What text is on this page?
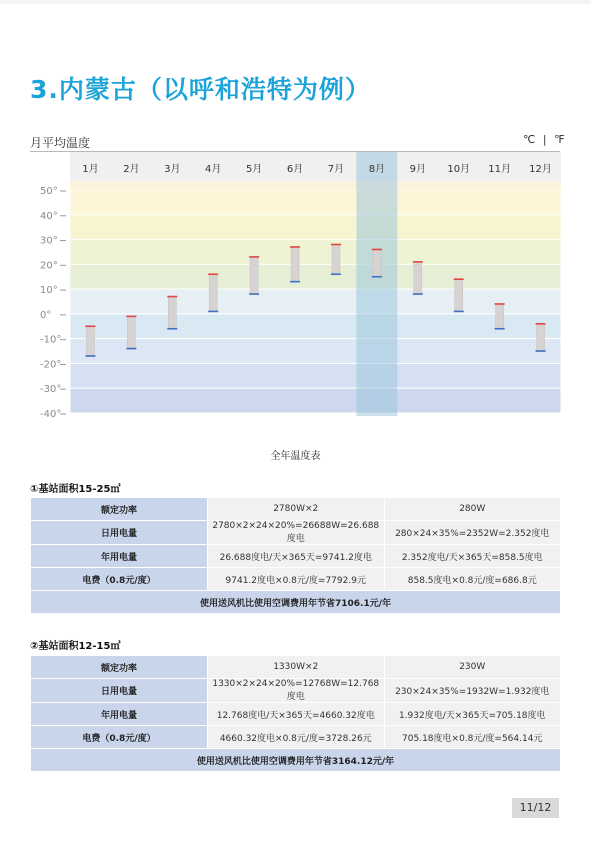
3.内蒙古（以呼和浩特为例）
月平均温度	℃ | ℉
1月 2月 3月 4月 5月 6月 7月 8月 9月 10月 11月 12月
50°
40°
30°
20°
10°
0°
-10°
-20°
-30°
-40°
全年温度表
①基站面积15-25㎡
额定功率	2780W×2	280W
日用电量	2780×2×24×20%=26688W=26.688度电	280×24×35%=2352W=2.352度电
年用电量	26.688度电/天×365天=9741.2度电	2.352度电/天×365天=858.5度电
电费（0.8元/度）	9741.2度电×0.8元/度=7792.9元	858.5度电×0.8元/度=686.8元
使用送风机比使用空调费用年节省7106.1元/年		
②基站面积12-15㎡
额定功率	1330W×2	230W
日用电量	1330×2×24×20%=12768W=12.768度电	230×24×35%=1932W=1.932度电
年用电量	12.768度电/天×365天=4660.32度电	1.932度电/天×365天=705.18度电
电费（0.8元/度）	4660.32度电×0.8元/度=3728.26元	705.18度电×0.8元/度=564.14元
使用送风机比使用空调费用年节省3164.12元/年		
11/12
